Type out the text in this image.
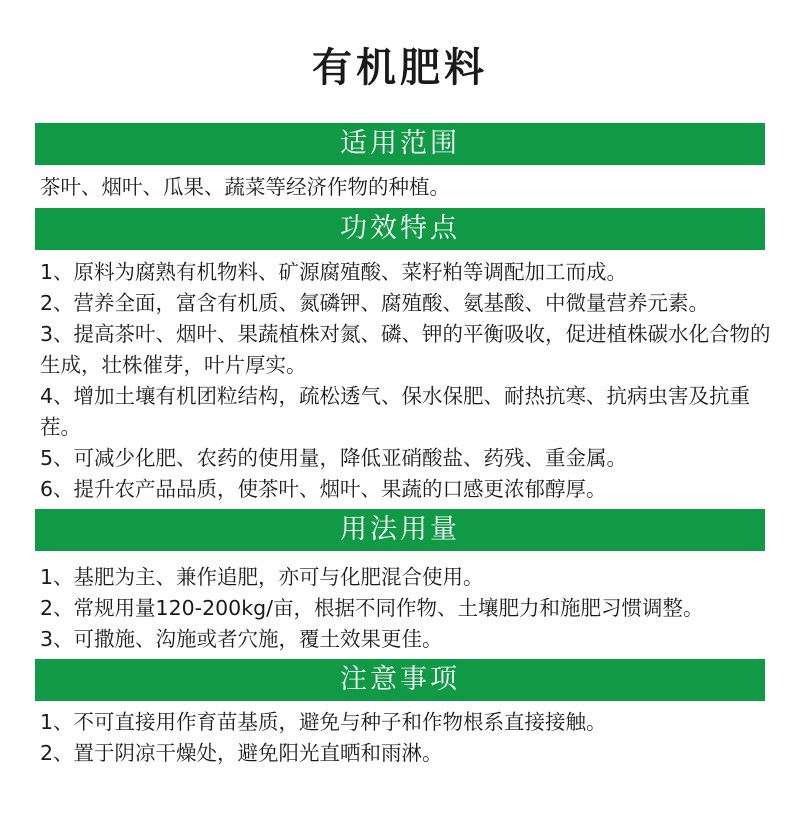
有机肥料
适用范围

茶叶、烟叶、瓜果、蔬菜等经济作物的种植。

功效特点

1、原料为腐熟有机物料、矿源腐殖酸、菜籽粕等调配加工而成。

2、营养全面，富含有机质、氮磷钾、腐殖酸、氨基酸、中微量营养元素。

3、提高茶叶、烟叶、果蔬植株对氮、磷、钾的平衡吸收，促进植株碳水化合物的生成，壮株催芽，叶片厚实。

4、增加土壤有机团粒结构，疏松透气、保水保肥、耐热抗寒、抗病虫害及抗重茬。

5、可减少化肥、农药的使用量，降低亚硝酸盐、药残、重金属。

6、提升农产品品质，使茶叶、烟叶、果蔬的口感更浓郁醇厚。

用法用量

1、基肥为主、兼作追肥，亦可与化肥混合使用。

2、常规用量120-200kg/亩，根据不同作物、土壤肥力和施肥习惯调整。

3、可撒施、沟施或者穴施，覆土效果更佳。

注意事项

1、不可直接用作育苗基质，避免与种子和作物根系直接接触。

2、置于阴凉干燥处，避免阳光直晒和雨淋。
